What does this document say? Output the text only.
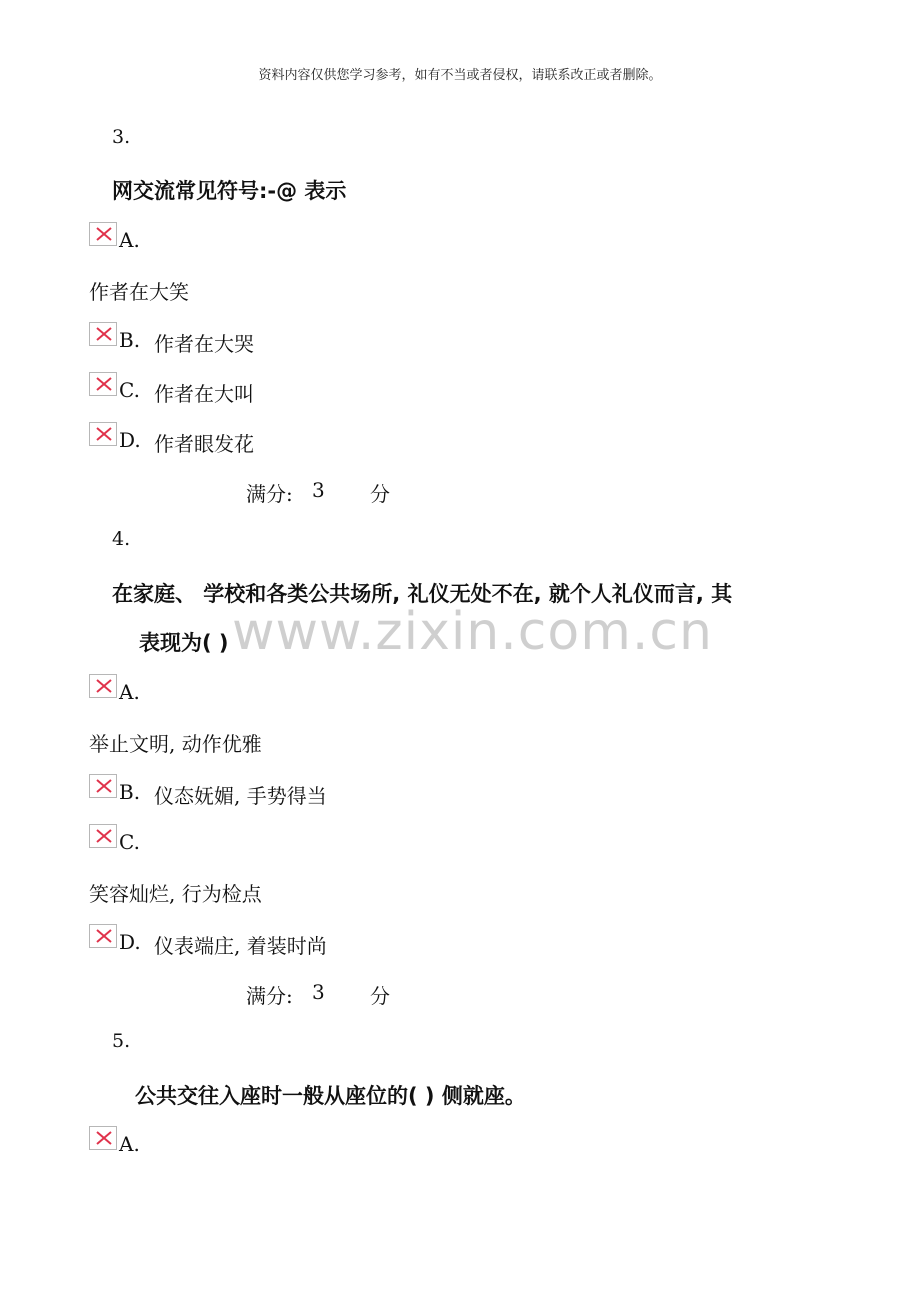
资料内容仅供您学习参考，如有不当或者侵权，请联系改正或者删除。
www.zixin.com.cn
3.
网交流常见符号:-@ 表示
A.
作者在大笑
B. 作者在大哭
C. 作者在大叫
D. 作者眼发花
满分: 3 分
4.
在家庭、 学校和各类公共场所, 礼仪无处不在, 就个人礼仪而言, 其
表现为( )
A.
举止文明, 动作优雅
B. 仪态妩媚, 手势得当
C.
笑容灿烂, 行为检点
D. 仪表端庄, 着装时尚
满分: 3 分
5.
公共交往入座时一般从座位的( ) 侧就座。
A.
